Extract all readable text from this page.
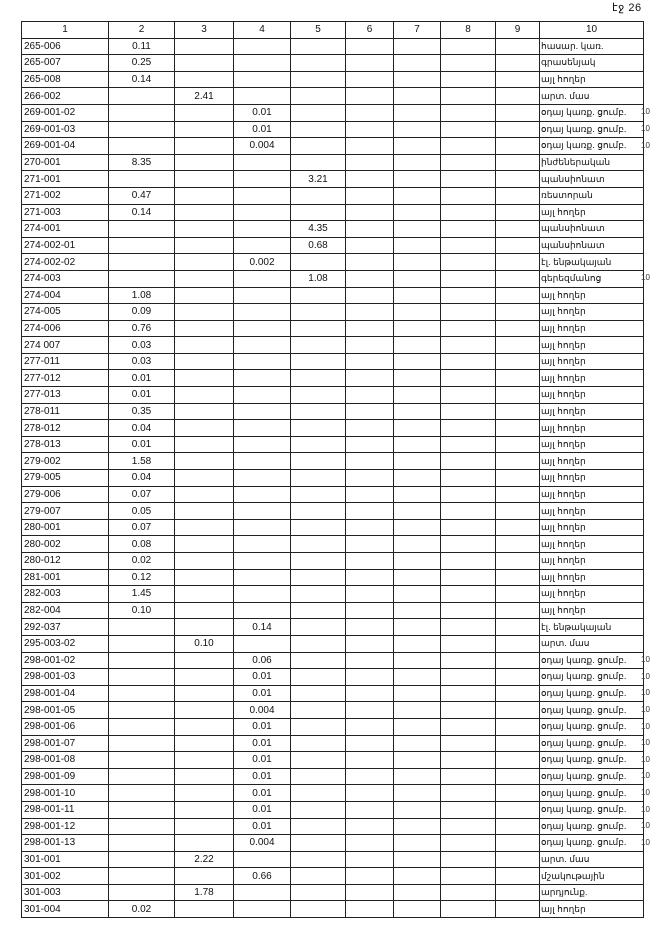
էջ 26
1	2	3	4	5	6	7	8	9	10
265-006	0.11								հասար. կառ.
265-007	0.25								գրասենյակ
265-008	0.14								այլ հողեր
266-002		2.41							արտ. մաս
269-001-02			0.01						օդայ կառք. ցումբ.
269-001-03			0.01						օդայ կառք. ցումբ.
269-001-04			0.004						օդայ կառք. ցումբ.
270-001	8.35								ինժեներական
271-001				3.21					պանսիոնատ
271-002	0.47								ռեստորան
271-003	0.14								այլ հողեր
274-001				4.35					պանսիոնատ
274-002-01				0.68					պանսիոնատ
274-002-02			0.002						էլ. ենթակայան
274-003				1.08					գերեզմանոց
274-004	1.08								այլ հողեր
274-005	0.09								այլ հողեր
274-006	0.76								այլ հողեր
274 007	0.03								այլ հողեր
277-011	0.03								այլ հողեր
277-012	0.01								այլ հողեր
277-013	0.01								այլ հողեր
278-011	0.35								այլ հողեր
278-012	0.04								այլ հողեր
278-013	0.01								այլ հողեր
279-002	1.58								այլ հողեր
279-005	0.04								այլ հողեր
279-006	0.07								այլ հողեր
279-007	0.05								այլ հողեր
280-001	0.07								այլ հողեր
280-002	0.08								այլ հողեր
280-012	0.02								այլ հողեր
281-001	0.12								այլ հողեր
282-003	1.45								այլ հողեր
282-004	0.10								այլ հողեր
292-037			0.14						էլ. ենթակայան
295-003-02		0.10							արտ. մաս
298-001-02			0.06						օդայ կառք. ցումբ.
298-001-03			0.01						օդայ կառք. ցումբ.
298-001-04			0.01						օդայ կառք. ցումբ.
298-001-05			0.004						օդայ կառք. ցումբ.
298-001-06			0.01						օդայ կառք. ցումբ.
298-001-07			0.01						օդայ կառք. ցումբ.
298-001-08			0.01						օդայ կառք. ցումբ.
298-001-09			0.01						օդայ կառք. ցումբ.
298-001-10			0.01						օդայ կառք. ցումբ.
298-001-11			0.01						օդայ կառք. ցումբ.
298-001-12			0.01						օդայ կառք. ցումբ.
298-001-13			0.004						օդայ կառք. ցումբ.
301-001		2.22							արտ. մաս
301-002			0.66						մշակութային
301-003		1.78							արդյունք.
301-004	0.02								այլ հողեր
10
10
10
10
10
10
10
10
10
10
10
10
10
10
10
10
